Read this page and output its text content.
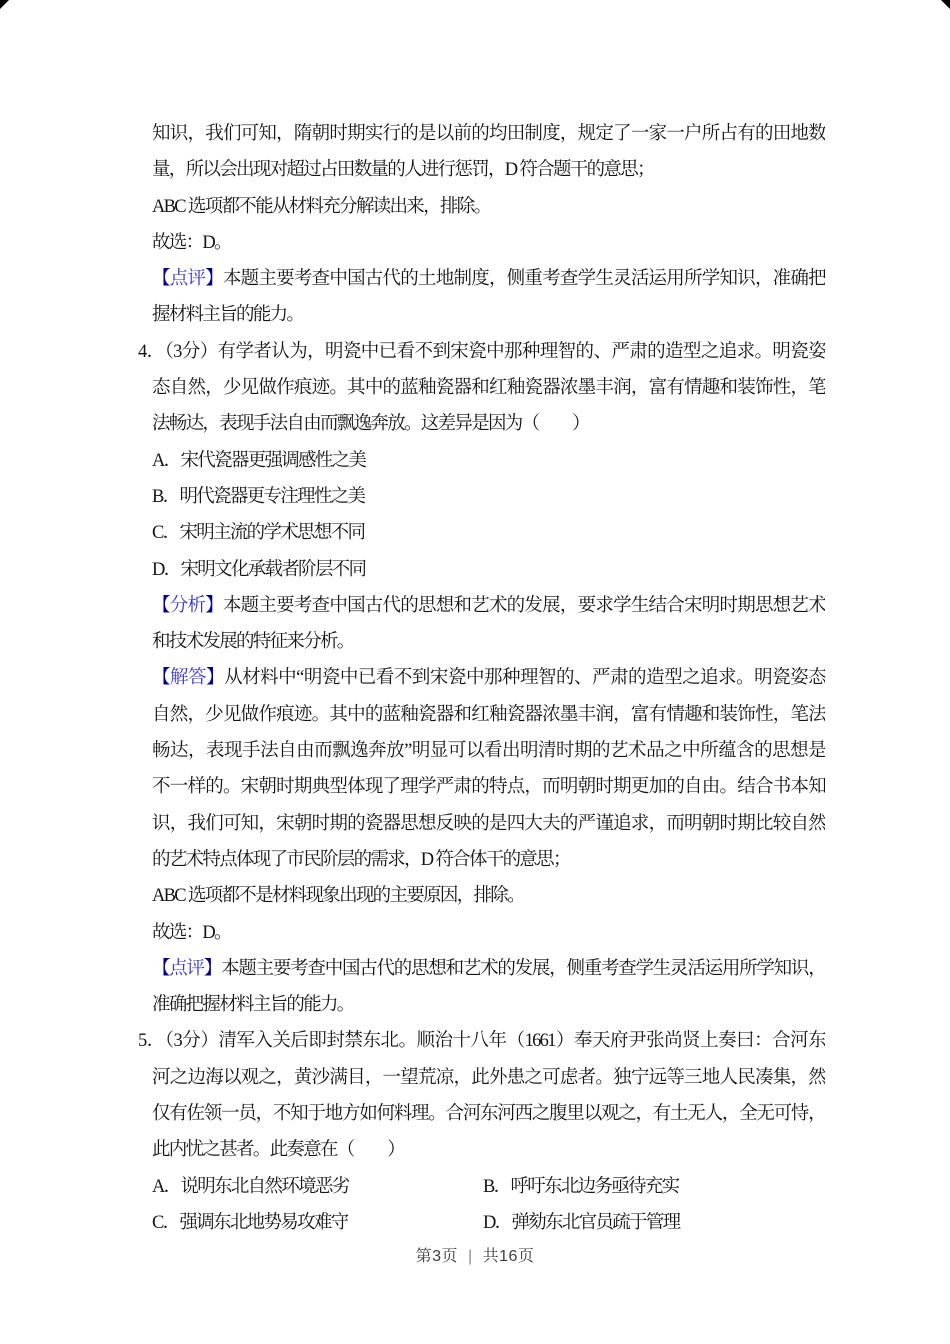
知识，我们可知，隋朝时期实行的是以前的均田制度，规定了一家一户所占有的田地数
量，所以会出现对超过占田数量的人进行惩罚，D 符合题干的意思；
ABC 选项都不能从材料充分解读出来，排除。
故选：D。
【点评】本题主要考查中国古代的土地制度，侧重考查学生灵活运用所学知识，准确把
握材料主旨的能力。
4．（3分）有学者认为，明瓷中已看不到宋瓷中那种理智的、严肃的造型之追求。明瓷姿
态自然，少见做作痕迹。其中的蓝釉瓷器和红釉瓷器浓墨丰润，富有情趣和装饰性，笔
法畅达，表现手法自由而飘逸奔放。这差异是因为（　　）
A．宋代瓷器更强调感性之美
B．明代瓷器更专注理性之美
C．宋明主流的学术思想不同
D．宋明文化承载者阶层不同
【分析】本题主要考查中国古代的思想和艺术的发展，要求学生结合宋明时期思想艺术
和技术发展的特征来分析。
【解答】从材料中“明瓷中已看不到宋瓷中那种理智的、严肃的造型之追求。明瓷姿态
自然，少见做作痕迹。其中的蓝釉瓷器和红釉瓷器浓墨丰润，富有情趣和装饰性，笔法
畅达，表现手法自由而飘逸奔放”明显可以看出明清时期的艺术品之中所蕴含的思想是
不一样的。宋朝时期典型体现了理学严肃的特点，而明朝时期更加的自由。结合书本知
识，我们可知，宋朝时期的瓷器思想反映的是四大夫的严谨追求，而明朝时期比较自然
的艺术特点体现了市民阶层的需求，D 符合体干的意思；
ABC 选项都不是材料现象出现的主要原因，排除。
故选：D。
【点评】本题主要考查中国古代的思想和艺术的发展，侧重考查学生灵活运用所学知识，
准确把握材料主旨的能力。
5．（3分）清军入关后即封禁东北。顺治十八年（1661）奉天府尹张尚贤上奏曰：合河东
河之边海以观之，黄沙满目，一望荒凉，此外患之可虑者。独宁远等三地人民凑集，然
仅有佐领一员，不知于地方如何料理。合河东河西之腹里以观之，有土无人，全无可恃，
此内忧之甚者。此奏意在（　　）
A．说明东北自然环境恶劣	B．呼吁东北边务亟待充实
C．强调东北地势易攻难守	D．弹劾东北官员疏于管理
第3页 | 共16页
